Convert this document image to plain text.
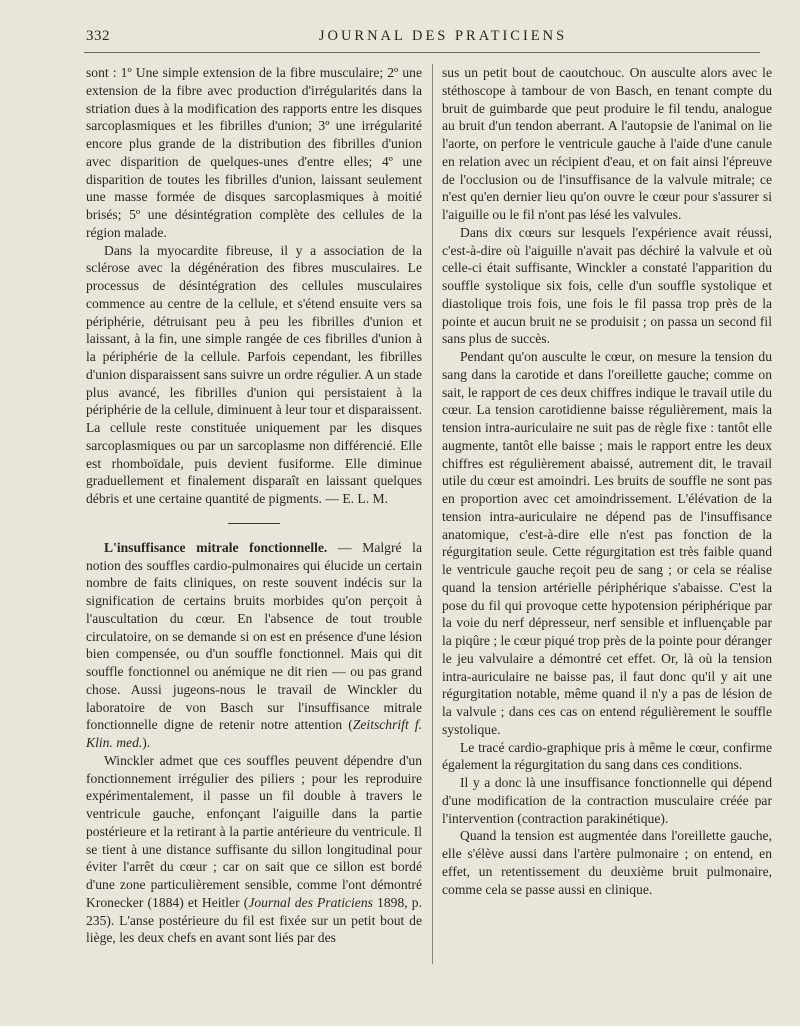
332	JOURNAL DES PRATICIENS

sont : 1º Une simple extension de la fibre musculaire; 2º une extension de la fibre avec production d'irrégularités dans la striation dues à la modification des rapports entre les disques sarcoplasmiques et les fibrilles d'union; 3º une irrégularité encore plus grande de la distribution des fibrilles d'union avec disparition de quelques-unes d'entre elles; 4º une disparition de toutes les fibrilles d'union, laissant seulement une masse formée de disques sarcoplasmiques à moitié brisés; 5º une désintégration complète des cellules de la région malade.

Dans la myocardite fibreuse, il y a association de la sclérose avec la dégénération des fibres musculaires. Le processus de désintégration des cellules musculaires commence au centre de la cellule, et s'étend ensuite vers sa périphérie, détruisant peu à peu les fibrilles d'union et laissant, à la fin, une simple rangée de ces fibrilles d'union à la périphérie de la cellule. Parfois cependant, les fibrilles d'union disparaissent sans suivre un ordre régulier. A un stade plus avancé, les fibrilles d'union qui persistaient à la périphérie de la cellule, diminuent à leur tour et disparaissent. La cellule reste constituée uniquement par les disques sarcoplasmiques ou par un sarcoplasme non différencié. Elle est rhomboïdale, puis devient fusiforme. Elle diminue graduellement et finalement disparaît en laissant quelques débris et une certaine quantité de pigments. — E. L. M.

L'insuffisance mitrale fonctionnelle. — Malgré la notion des souffles cardio-pulmonaires qui élucide un certain nombre de faits cliniques, on reste souvent indécis sur la signification de certains bruits morbides qu'on perçoit à l'auscultation du cœur. En l'absence de tout trouble circulatoire, on se demande si on est en présence d'une lésion bien compensée, ou d'un souffle fonctionnel. Mais qui dit souffle fonctionnel ou anémique ne dit rien — ou pas grand chose. Aussi jugeons-nous le travail de Winckler du laboratoire de von Basch sur l'insuffisance mitrale fonctionnelle digne de retenir notre attention (Zeitschrift f. Klin. med.).

Winckler admet que ces souffles peuvent dépendre d'un fonctionnement irrégulier des piliers ; pour les reproduire expérimentalement, il passe un fil double à travers le ventricule gauche, enfonçant l'aiguille dans la partie postérieure et la retirant à la partie antérieure du ventricule. Il se tient à une distance suffisante du sillon longitudinal pour éviter l'arrêt du cœur ; car on sait que ce sillon est bordé d'une zone particulièrement sensible, comme l'ont démontré Kronecker (1884) et Heitler (Journal des Praticiens 1898, p. 235). L'anse postérieure du fil est fixée sur un petit bout de liège, les deux chefs en avant sont liés par des

sus un petit bout de caoutchouc. On ausculte alors avec le stéthoscope à tambour de von Basch, en tenant compte du bruit de guimbarde que peut produire le fil tendu, analogue au bruit d'un tendon aberrant. A l'autopsie de l'animal on lie l'aorte, on perfore le ventricule gauche à l'aide d'une canule en relation avec un récipient d'eau, et on fait ainsi l'épreuve de l'occlusion ou de l'insuffisance de la valvule mitrale; ce n'est qu'en dernier lieu qu'on ouvre le cœur pour s'assurer si l'aiguille ou le fil n'ont pas lésé les valvules.

Dans dix cœurs sur lesquels l'expérience avait réussi, c'est-à-dire où l'aiguille n'avait pas déchiré la valvule et où celle-ci était suffisante, Winckler a constaté l'apparition du souffle systolique six fois, celle d'un souffle systolique et diastolique trois fois, une fois le fil passa trop près de la pointe et aucun bruit ne se produisit ; on passa un second fil sans plus de succès.

Pendant qu'on ausculte le cœur, on mesure la tension du sang dans la carotide et dans l'oreillette gauche; comme on sait, le rapport de ces deux chiffres indique le travail utile du cœur. La tension carotidienne baisse régulièrement, mais la tension intra-auriculaire ne suit pas de règle fixe : tantôt elle augmente, tantôt elle baisse ; mais le rapport entre les deux chiffres est régulièrement abaissé, autrement dit, le travail utile du cœur est amoindri. Les bruits de souffle ne sont pas en proportion avec cet amoindrissement. L'élévation de la tension intra-auriculaire ne dépend pas de l'insuffisance anatomique, c'est-à-dire elle n'est pas fonction de la régurgitation seule. Cette régurgitation est très faible quand le ventricule gauche reçoit peu de sang ; or cela se réalise quand la tension artérielle périphérique s'abaisse. C'est la pose du fil qui provoque cette hypotension périphérique par la voie du nerf dépresseur, nerf sensible et influençable par la piqûre ; le cœur piqué trop près de la pointe pour déranger le jeu valvulaire a démontré cet effet. Or, là où la tension intra-auriculaire ne baisse pas, il faut donc qu'il y ait une régurgitation notable, même quand il n'y a pas de lésion de la valvule ; dans ces cas on entend régulièrement le souffle systolique.

Le tracé cardio-graphique pris à même le cœur, confirme également la régurgitation du sang dans ces conditions.

Il y a donc là une insuffisance fonctionnelle qui dépend d'une modification de la contraction musculaire créée par l'intervention (contraction parakinétique).

Quand la tension est augmentée dans l'oreillette gauche, elle s'élève aussi dans l'artère pulmonaire ; on entend, en effet, un retentissement du deuxième bruit pulmonaire, comme cela se passe aussi en clinique.
